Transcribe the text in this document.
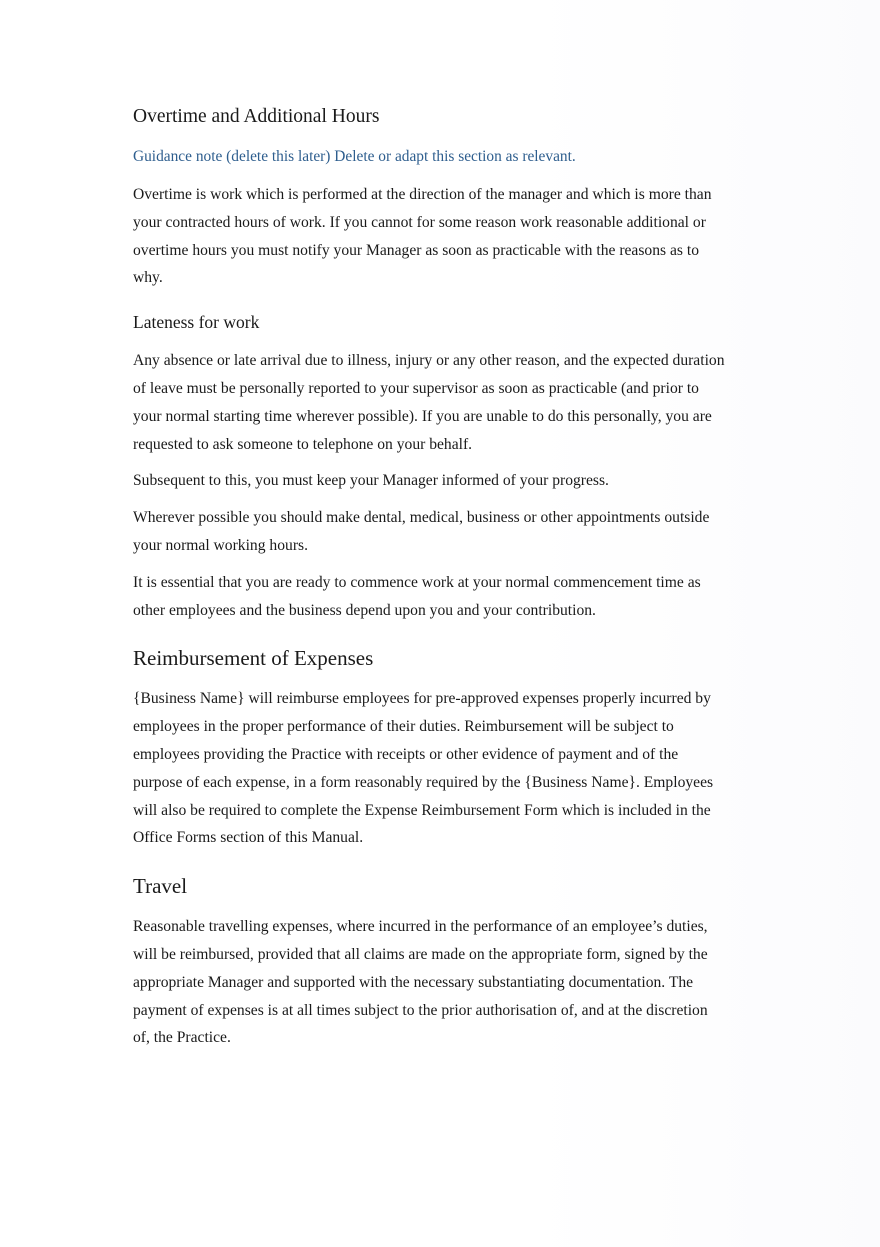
Overtime and Additional Hours

Guidance note (delete this later) Delete or adapt this section as relevant.

Overtime is work which is performed at the direction of the manager and which is more than your contracted hours of work. If you cannot for some reason work reasonable additional or overtime hours you must notify your Manager as soon as practicable with the reasons as to why.

Lateness for work

Any absence or late arrival due to illness, injury or any other reason, and the expected duration of leave must be personally reported to your supervisor as soon as practicable (and prior to your normal starting time wherever possible). If you are unable to do this personally, you are requested to ask someone to telephone on your behalf.

Subsequent to this, you must keep your Manager informed of your progress.

Wherever possible you should make dental, medical, business or other appointments outside your normal working hours.

It is essential that you are ready to commence work at your normal commencement time as other employees and the business depend upon you and your contribution.

Reimbursement of Expenses

{Business Name} will reimburse employees for pre-approved expenses properly incurred by employees in the proper performance of their duties. Reimbursement will be subject to employees providing the Practice with receipts or other evidence of payment and of the purpose of each expense, in a form reasonably required by the {Business Name}. Employees will also be required to complete the Expense Reimbursement Form which is included in the Office Forms section of this Manual.

Travel

Reasonable travelling expenses, where incurred in the performance of an employee’s duties, will be reimbursed, provided that all claims are made on the appropriate form, signed by the appropriate Manager and supported with the necessary substantiating documentation. The payment of expenses is at all times subject to the prior authorisation of, and at the discretion of, the Practice.
